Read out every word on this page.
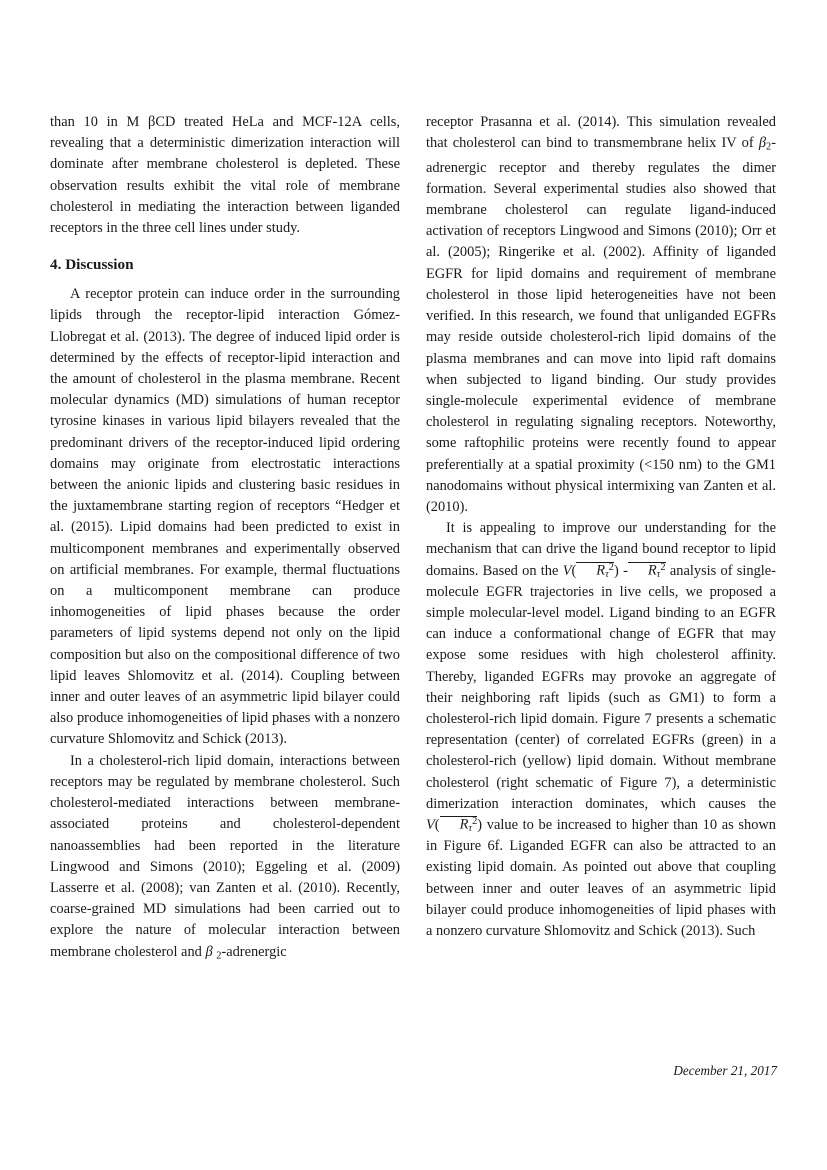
than 10 in M βCD treated HeLa and MCF-12A cells, revealing that a deterministic dimerization interaction will dominate after membrane cholesterol is depleted. These observation results exhibit the vital role of membrane cholesterol in mediating the interaction between liganded receptors in the three cell lines under study.

4. Discussion

A receptor protein can induce order in the surrounding lipids through the receptor-lipid interaction Gómez-Llobregat et al. (2013). The degree of induced lipid order is determined by the effects of receptor-lipid interaction and the amount of cholesterol in the plasma membrane. Recent molecular dynamics (MD) simulations of human receptor tyrosine kinases in various lipid bilayers revealed that the predominant drivers of the receptor-induced lipid ordering domains may originate from electrostatic interactions between the anionic lipids and clustering basic residues in the juxtamembrane starting region of receptors “Hedger et al. (2015). Lipid domains had been predicted to exist in multicomponent membranes and experimentally observed on artificial membranes. For example, thermal fluctuations on a multicomponent membrane can produce inhomogeneities of lipid phases because the order parameters of lipid systems depend not only on the lipid composition but also on the compositional difference of two lipid leaves Shlomovitz et al. (2014). Coupling between inner and outer leaves of an asymmetric lipid bilayer could also produce inhomogeneities of lipid phases with a nonzero curvature Shlomovitz and Schick (2013).

In a cholesterol-rich lipid domain, interactions between receptors may be regulated by membrane cholesterol. Such cholesterol-mediated interactions between membrane-associated proteins and cholesterol-dependent nanoassemblies had been reported in the literature Lingwood and Simons (2010); Eggeling et al. (2009) Lasserre et al. (2008); van Zanten et al. (2010). Recently, coarse-grained MD simulations had been carried out to explore the nature of molecular interaction between membrane cholesterol and β 2-adrenergic

receptor Prasanna et al. (2014). This simulation revealed that cholesterol can bind to transmembrane helix IV of β2-adrenergic receptor and thereby regulates the dimer formation. Several experimental studies also showed that membrane cholesterol can regulate ligand-induced activation of receptors Lingwood and Simons (2010); Orr et al. (2005); Ringerike et al. (2002). Affinity of liganded EGFR for lipid domains and requirement of membrane cholesterol in those lipid heterogeneities have not been verified. In this research, we found that unliganded EGFRs may reside outside cholesterol-rich lipid domains of the plasma membranes and can move into lipid raft domains when subjected to ligand binding. Our study provides single-molecule experimental evidence of membrane cholesterol in regulating signaling receptors. Noteworthy, some raftophilic proteins were recently found to appear preferentially at a spatial proximity (<150 nm) to the GM1 nanodomains without physical intermixing van Zanten et al. (2010).

It is appealing to improve our understanding for the mechanism that can drive the ligand bound receptor to lipid domains. Based on the V( $R_\tau^2) - R_\tau^2$ analysis of single-molecule EGFR trajectories in live cells, we proposed a simple molecular-level model. Ligand binding to an EGFR can induce a conformational change of EGFR that may expose some residues with high cholesterol affinity. Thereby, liganded EGFRs may provoke an aggregate of their neighboring raft lipids (such as GM1) to form a cholesterol-rich lipid domain. Figure 7 presents a schematic representation (center) of correlated EGFRs (green) in a cholesterol-rich (yellow) lipid domain. Without membrane cholesterol (right schematic of Figure 7), a deterministic dimerization interaction dominates, which causes the V( $R_\tau^2$) value to be increased to higher than 10 as shown in Figure 6f. Liganded EGFR can also be attracted to an existing lipid domain. As pointed out above that coupling between inner and outer leaves of an asymmetric lipid bilayer could produce inhomogeneities of lipid phases with a nonzero curvature Shlomovitz and Schick (2013). Such

December 21, 2017
